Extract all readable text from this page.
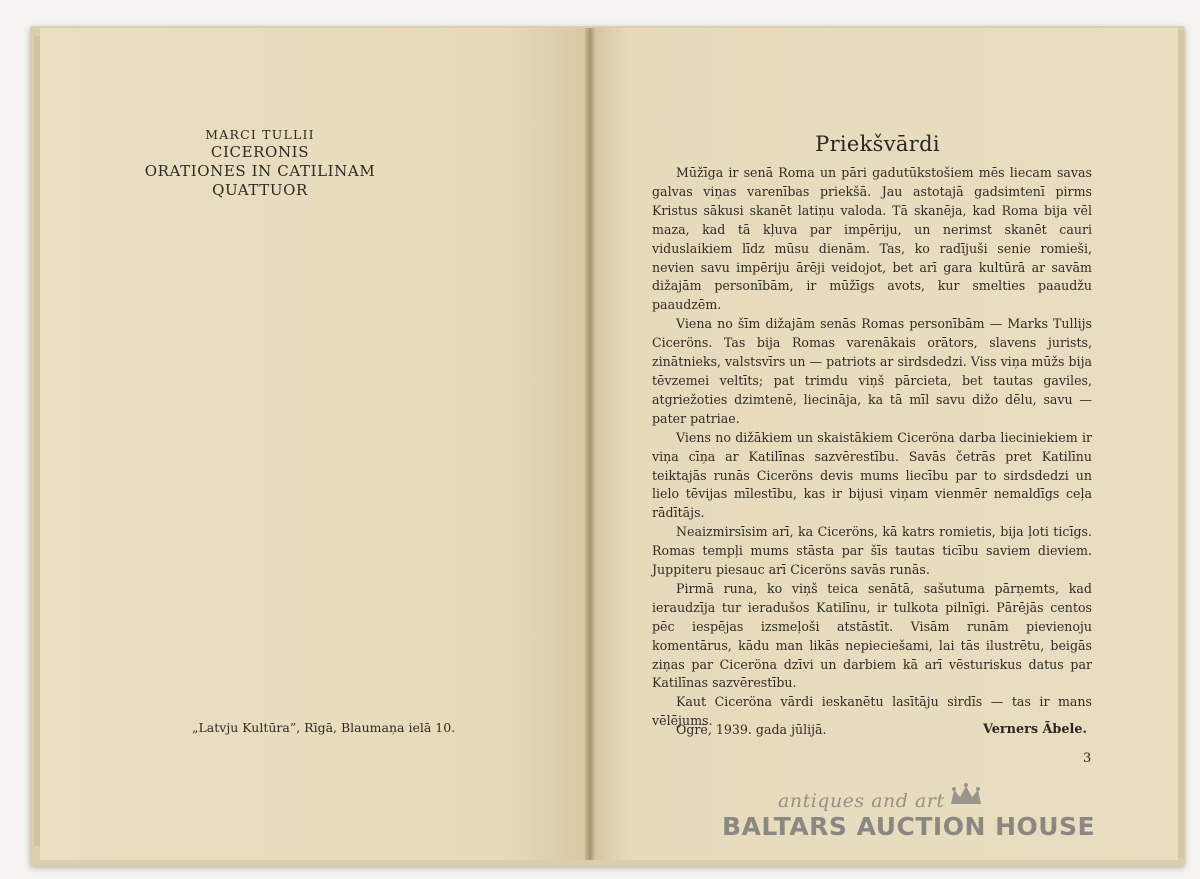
MARCI TULLII
CICERONIS
ORATIONES IN CATILINAM
QUATTUOR
„Latvju Kultūra”, Rīgā, Blaumaņa ielā 10.
Priekšvārdi

Mūžīga ir senā Roma un pāri gadutūkstošiem mēs liecam savas galvas viņas varenības priekšā. Jau astotajā gadsimtenī pirms Kristus sākusi skanēt latiņu valoda. Tā skanēja, kad Roma bija vēl maza, kad tā kļuva par impēriju, un nerimst skanēt cauri viduslaikiem līdz mūsu dienām. Tas, ko radījuši senie romieši, nevien savu impēriju ārēji veidojot, bet arī gara kultūrā ar savām dižajām personībām, ir mūžīgs avots, kur smelties paaudžu paaudzēm.

Viena no šīm dižajām senās Romas personībām — Marks Tullijs Ciceröns. Tas bija Romas varenākais orātors, slavens jurists, zinātnieks, valstsvīrs un — patriots ar sirdsdedzi. Viss viņa mūžs bija tēvzemei veltīts; pat trimdu viņš pārcieta, bet tautas gaviles, atgriežoties dzimtenē, liecināja, ka tā mīl savu dižo dēlu, savu — pater patriae.

Viens no dižākiem un skaistākiem Ciceröna darba lieciniekiem ir viņa cīņa ar Katilīnas sazvērestību. Savās četrās pret Katilīnu teiktajās runās Ciceröns devis mums liecību par to sirdsdedzi un lielo tēvijas mīlestību, kas ir bijusi viņam vienmēr nemaldīgs ceļa rādītājs.

Neaizmirsīsim arī, ka Ciceröns, kā katrs romietis, bija ļoti ticīgs. Romas tempļi mums stāsta par šīs tautas ticību saviem dieviem. Juppiteru piesauc arī Ciceröns savās runās.

Pirmā runa, ko viņš teica senātā, sašutuma pārņemts, kad ieraudzīja tur ieradušos Katilīnu, ir tulkota pilnīgi. Pārējās centos pēc iespējas izsmeļoši atstāstīt. Visām runām pievienoju komentārus, kādu man likās nepieciešami, lai tās ilustrētu, beigās ziņas par Ciceröna dzīvi un darbiem kā arī vēsturiskus datus par Katilīnas sazvērestību.

Kaut Ciceröna vārdi ieskanētu lasītāju sirdīs — tas ir mans vēlējums.

Ogrē, 1939. gada jūlijā.	Verners Ābele.
3
antiques and art
BALTARS AUCTION HOUSE
